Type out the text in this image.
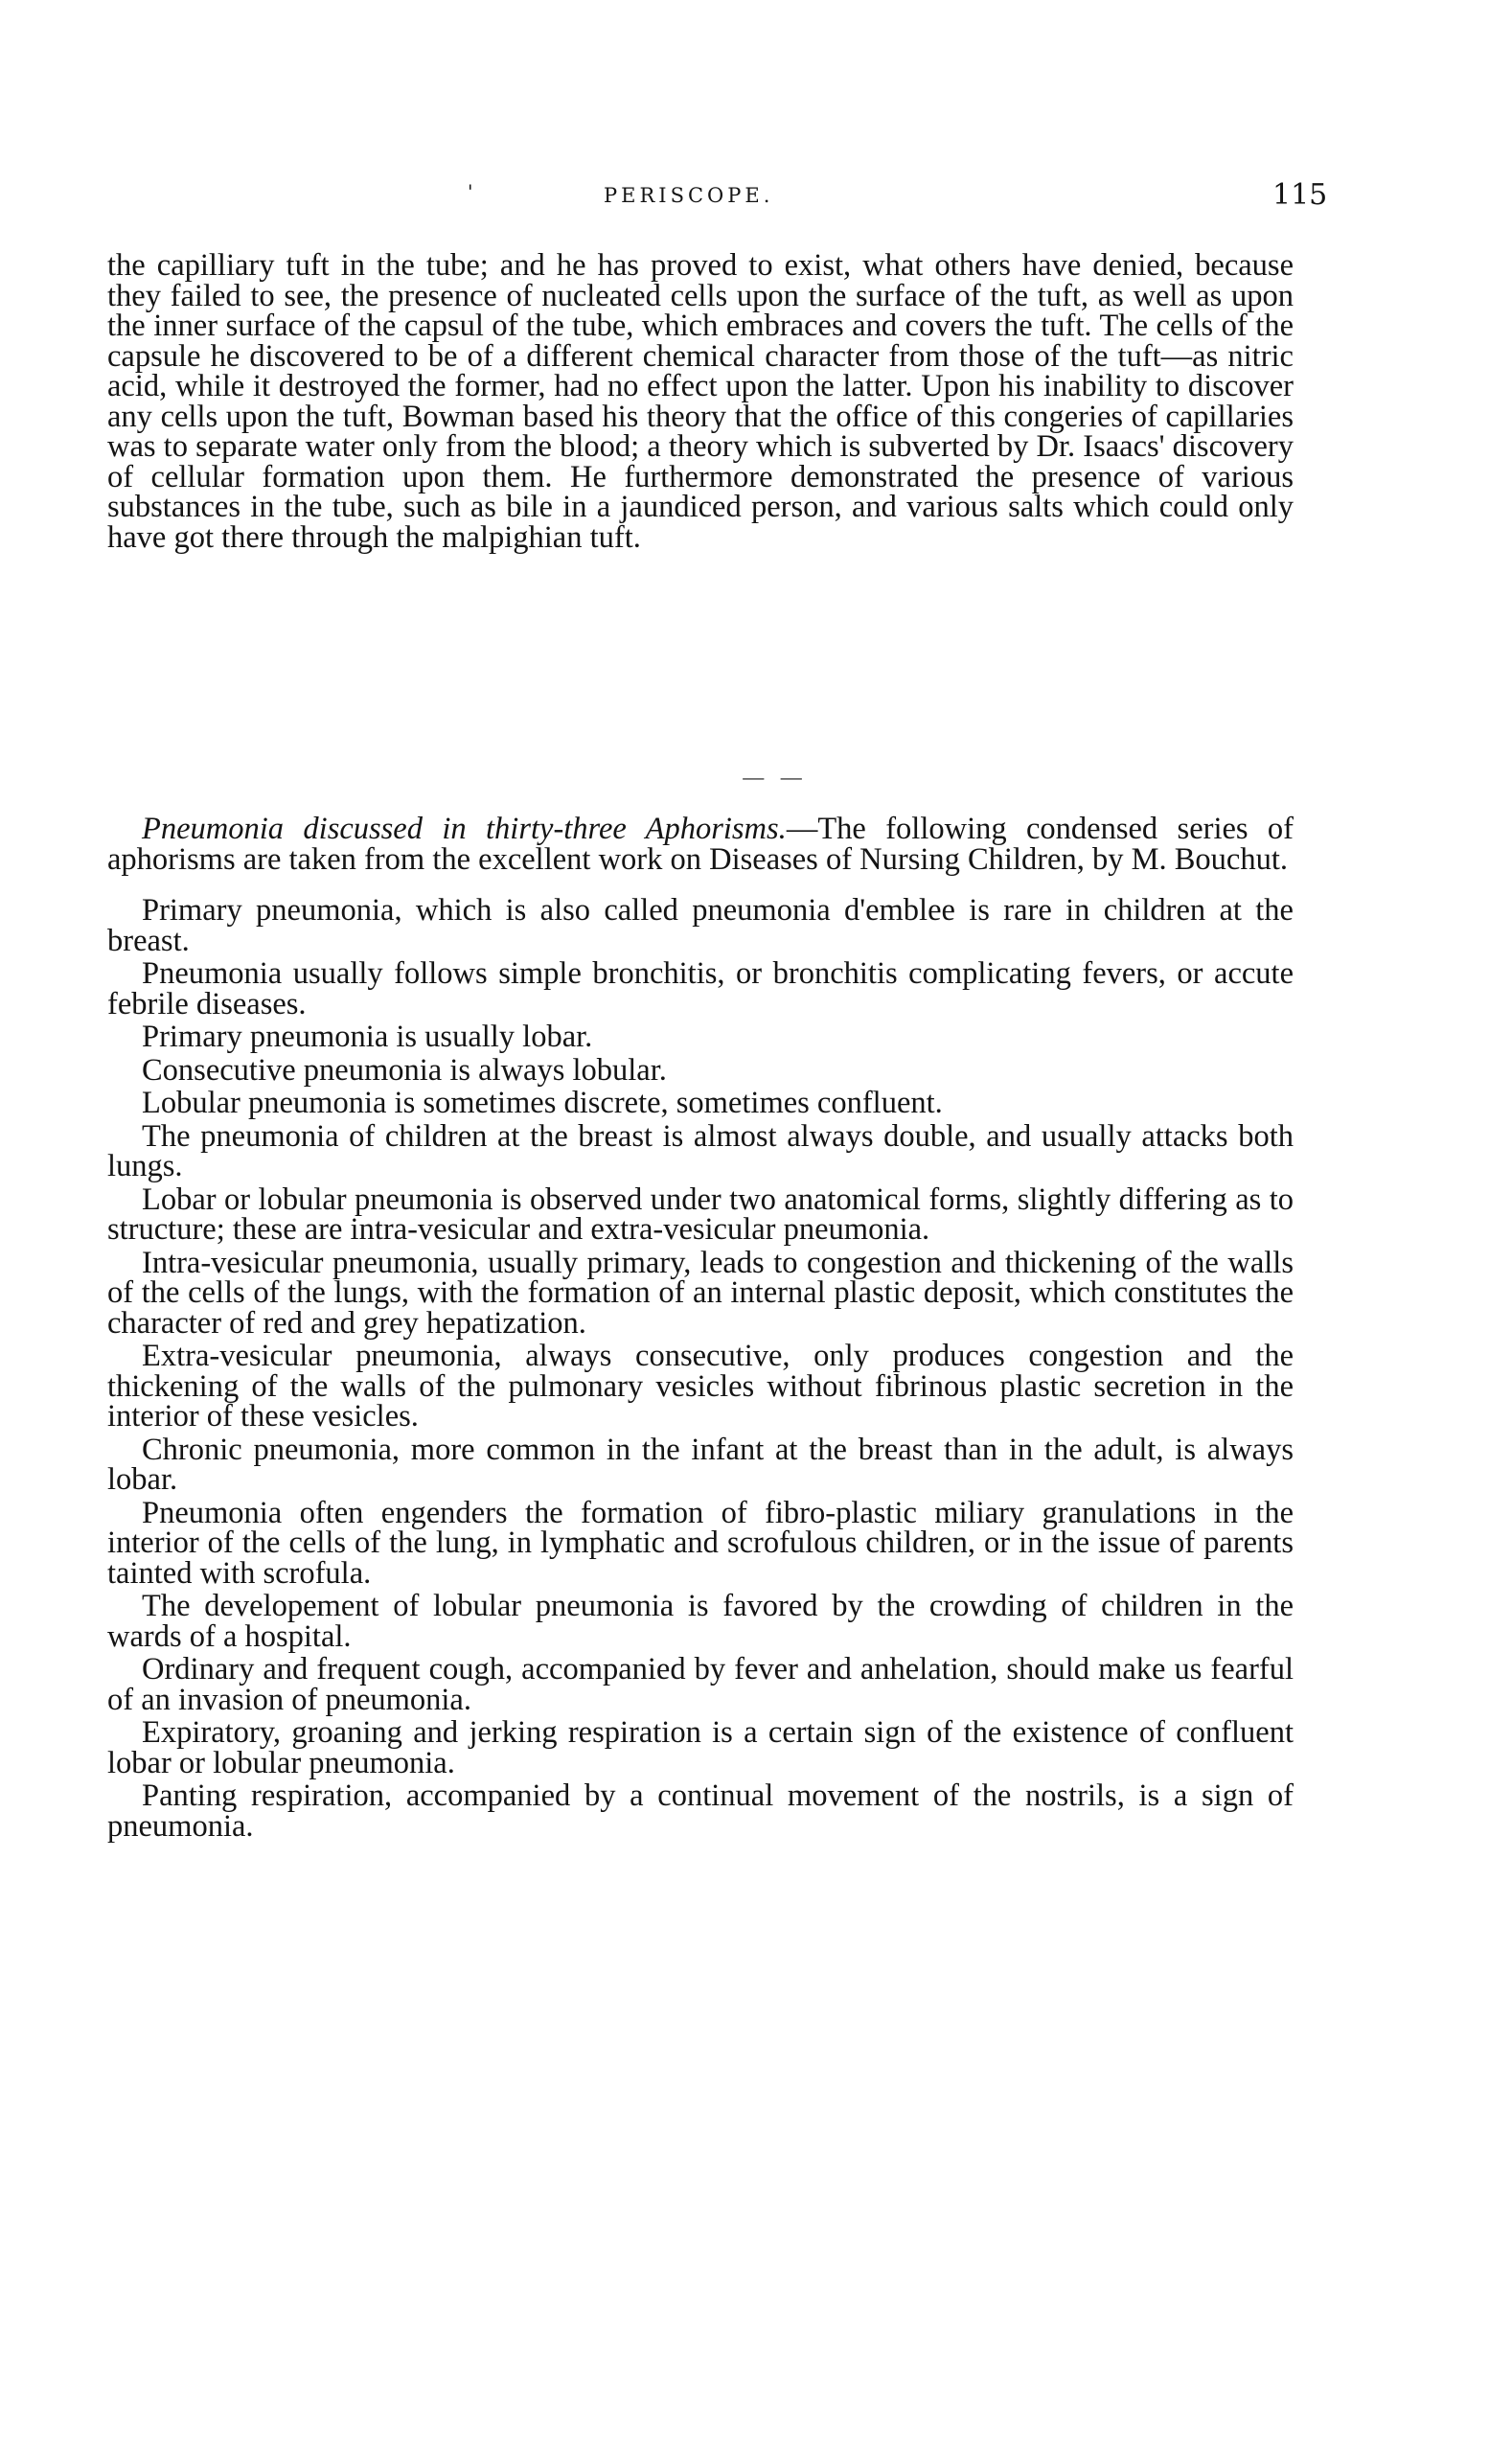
'	PERISCOPE.	115

the capilliary tuft in the tube; and he has proved to exist, what others have denied, because they failed to see, the presence of nucleated cells upon the surface of the tuft, as well as upon the inner surface of the capsul of the tube, which embraces and covers the tuft. The cells of the capsule he discovered to be of a different chemical character from those of the tuft—as nitric acid, while it destroyed the former, had no effect upon the latter. Upon his inability to discover any cells upon the tuft, Bowman based his theory that the office of this congeries of capillaries was to separate water only from the blood; a theory which is subverted by Dr. Isaacs' discovery of cellular formation upon them. He furthermore demonstrated the presence of various substances in the tube, such as bile in a jaundiced person, and various salts which could only have got there through the malpighian tuft.

— —

Pneumonia discussed in thirty-three Aphorisms.—The following condensed series of aphorisms are taken from the excellent work on Diseases of Nursing Children, by M. Bouchut.

Primary pneumonia, which is also called pneumonia d'emblee is rare in children at the breast.
Pneumonia usually follows simple bronchitis, or bronchitis complicating fevers, or accute febrile diseases.
Primary pneumonia is usually lobar.
Consecutive pneumonia is always lobular.
Lobular pneumonia is sometimes discrete, sometimes confluent.
The pneumonia of children at the breast is almost always double, and usually attacks both lungs.
Lobar or lobular pneumonia is observed under two anatomical forms, slightly differing as to structure; these are intra-vesicular and extra-vesicular pneumonia.
Intra-vesicular pneumonia, usually primary, leads to congestion and thickening of the walls of the cells of the lungs, with the formation of an internal plastic deposit, which constitutes the character of red and grey hepatization.
Extra-vesicular pneumonia, always consecutive, only produces congestion and the thickening of the walls of the pulmonary vesicles without fibrinous plastic secretion in the interior of these vesicles.
Chronic pneumonia, more common in the infant at the breast than in the adult, is always lobar.
Pneumonia often engenders the formation of fibro-plastic miliary granulations in the interior of the cells of the lung, in lymphatic and scrofulous children, or in the issue of parents tainted with scrofula.
The developement of lobular pneumonia is favored by the crowding of children in the wards of a hospital.
Ordinary and frequent cough, accompanied by fever and anhelation, should make us fearful of an invasion of pneumonia.
Expiratory, groaning and jerking respiration is a certain sign of the existence of confluent lobar or lobular pneumonia.
Panting respiration, accompanied by a continual movement of the nostrils, is a sign of pneumonia.
